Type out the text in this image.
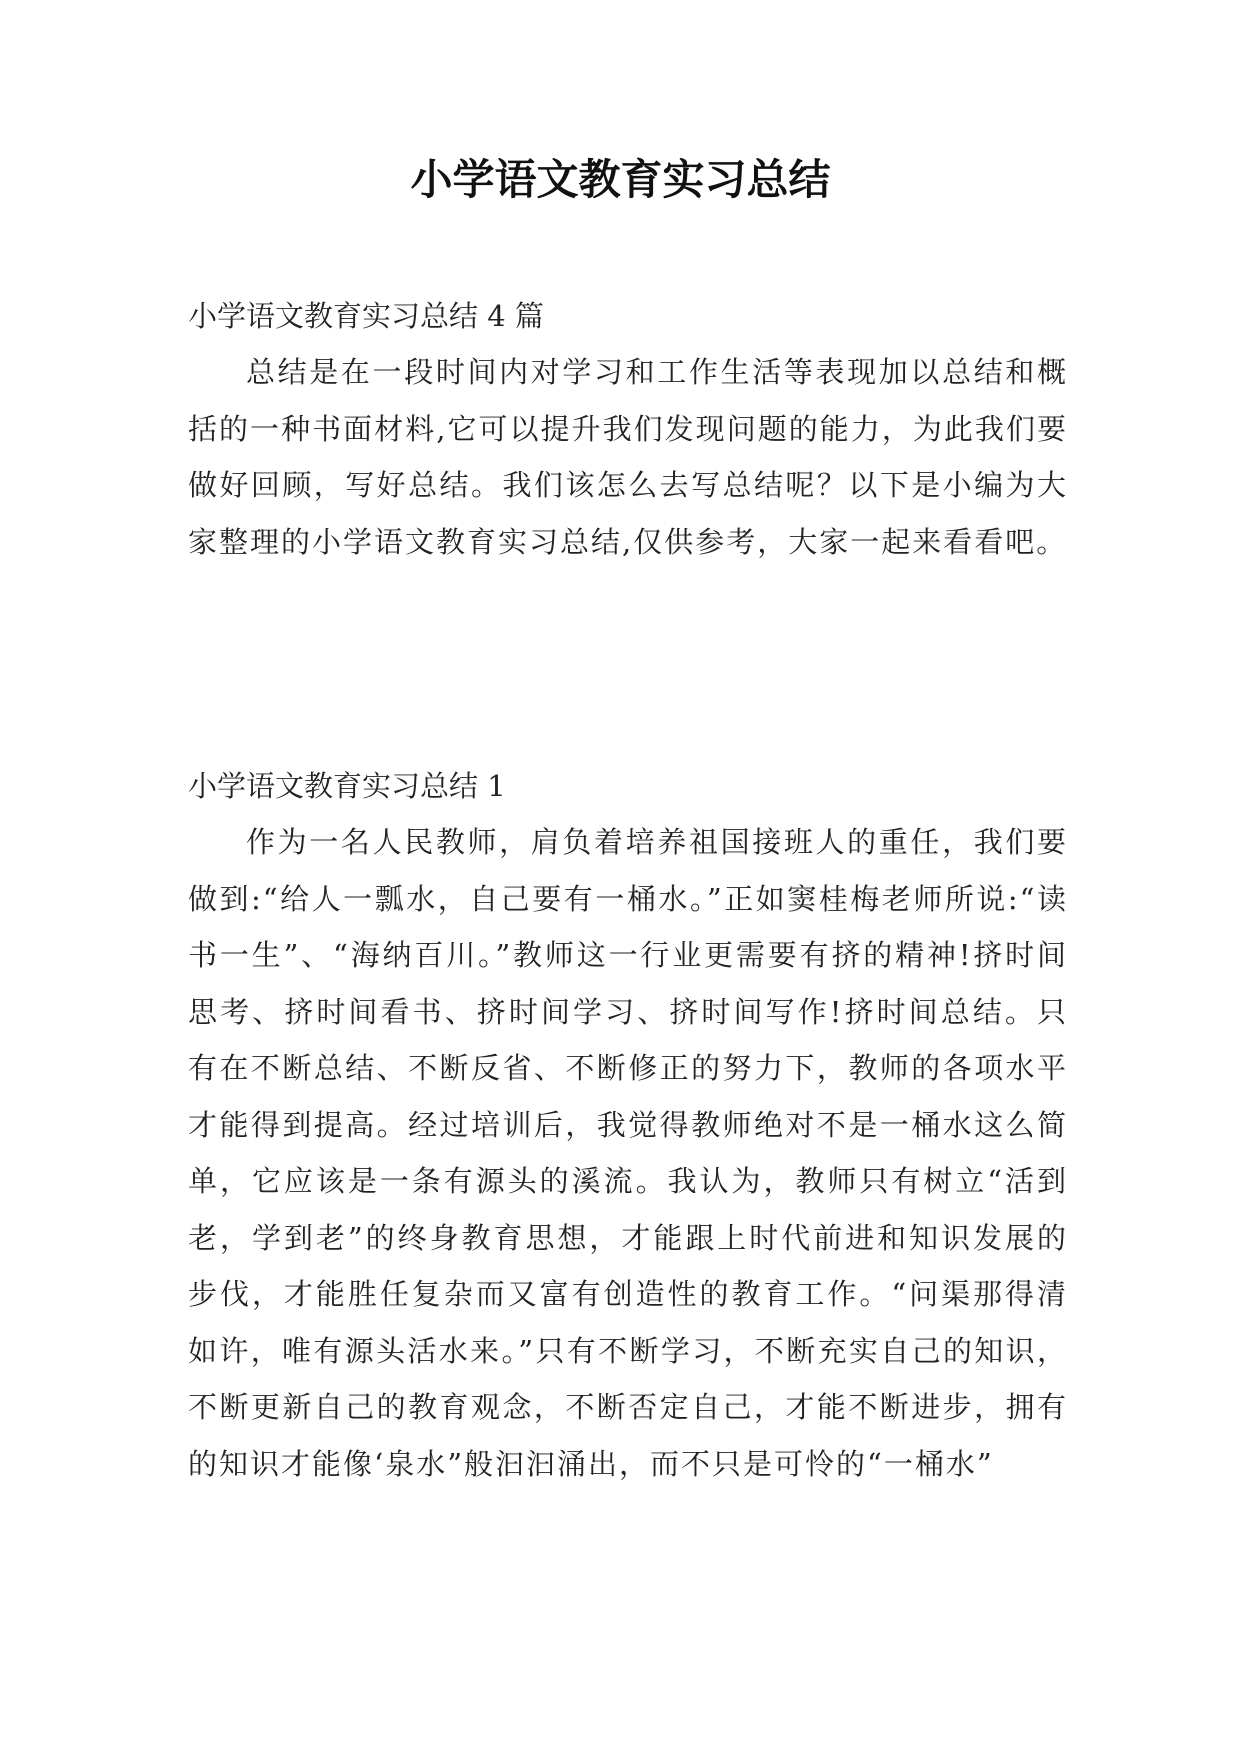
小学语文教育实习总结

小学语文教育实习总结 4 篇

总结是在一段时间内对学习和工作生活等表现加以总结和概括的一种书面材料,它可以提升我们发现问题的能力，为此我们要做好回顾，写好总结。我们该怎么去写总结呢？以下是小编为大家整理的小学语文教育实习总结,仅供参考，大家一起来看看吧。

小学语文教育实习总结 1

作为一名人民教师，肩负着培养祖国接班人的重任，我们要做到:“给人一瓢水，自己要有一桶水。”正如窦桂梅老师所说:“读书一生”、“海纳百川。”教师这一行业更需要有挤的精神!挤时间思考、挤时间看书、挤时间学习、挤时间写作!挤时间总结。只有在不断总结、不断反省、不断修正的努力下，教师的各项水平才能得到提高。经过培训后，我觉得教师绝对不是一桶水这么简单，它应该是一条有源头的溪流。我认为，教师只有树立“活到老，学到老”的终身教育思想，才能跟上时代前进和知识发展的步伐，才能胜任复杂而又富有创造性的教育工作。“问渠那得清如许，唯有源头活水来。”只有不断学习，不断充实自己的知识，不断更新自己的教育观念，不断否定自己，才能不断进步，拥有的知识才能像‘泉水”般汩汩涌出，而不只是可怜的“一桶水”
